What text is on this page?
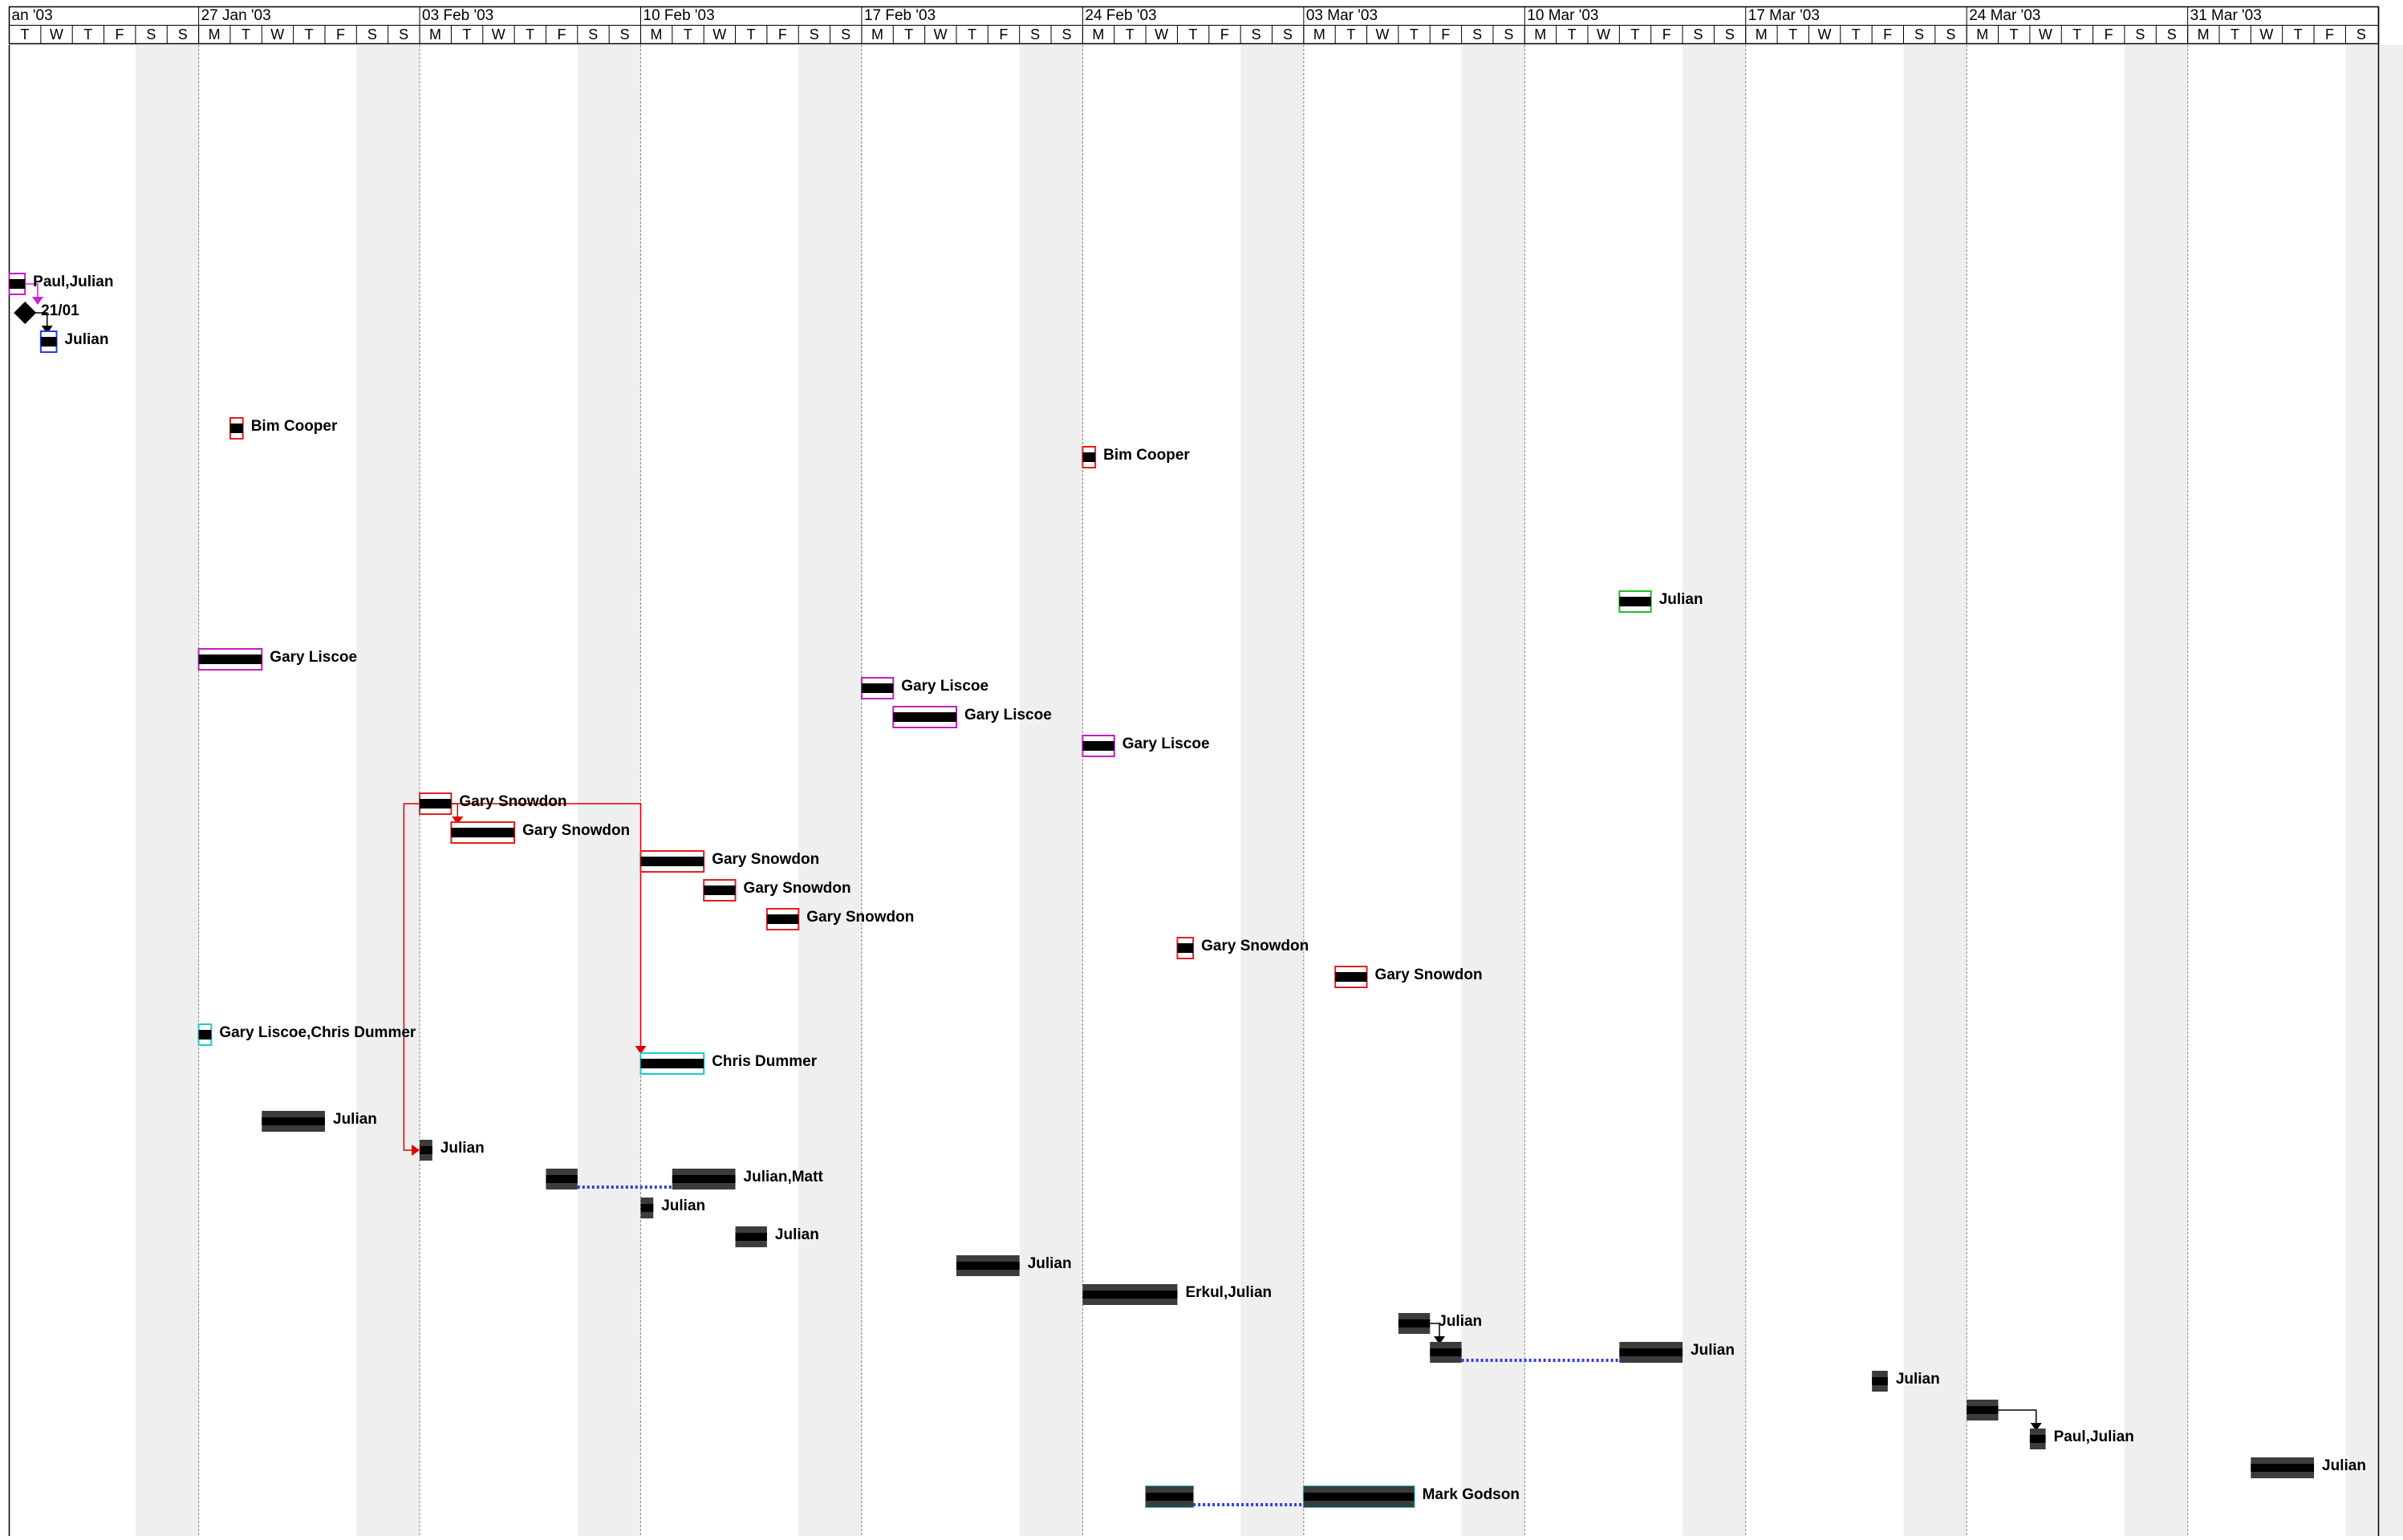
an '03	27 Jan '03	03 Feb '03	10 Feb '03	17 Feb '03	24 Feb '03	03 Mar '03	10 Mar '03	17 Mar '03	24 Mar '03	31 Mar '03
T	W	T	F	S	S	M	T	W	T	F	S	S	M	T	W	T	F	S	S	M	T	W	T	F	S	S	M	T	W	T	F	S	S	M	T	W	T	F	S	S	M	T	W	T	F	S	S	M	T	W	T	F	S	S	M	T	W	T	F	S	S	M	T	W	T	F	S	S	M	T	W	T	F	S
Paul,Julian
21/01
Julian
Bim Cooper
Bim Cooper
Julian
Gary Liscoe
Gary Liscoe
Gary Liscoe
Gary Liscoe
Gary Snowdon
Gary Snowdon
Gary Snowdon
Gary Snowdon
Gary Snowdon
Gary Snowdon
Gary Snowdon
Gary Liscoe,Chris Dummer
Chris Dummer
Julian
Julian
Julian,Matt
Julian
Julian
Julian
Erkul,Julian
Julian
Julian
Julian
Paul,Julian
Julian
Mark Godson
